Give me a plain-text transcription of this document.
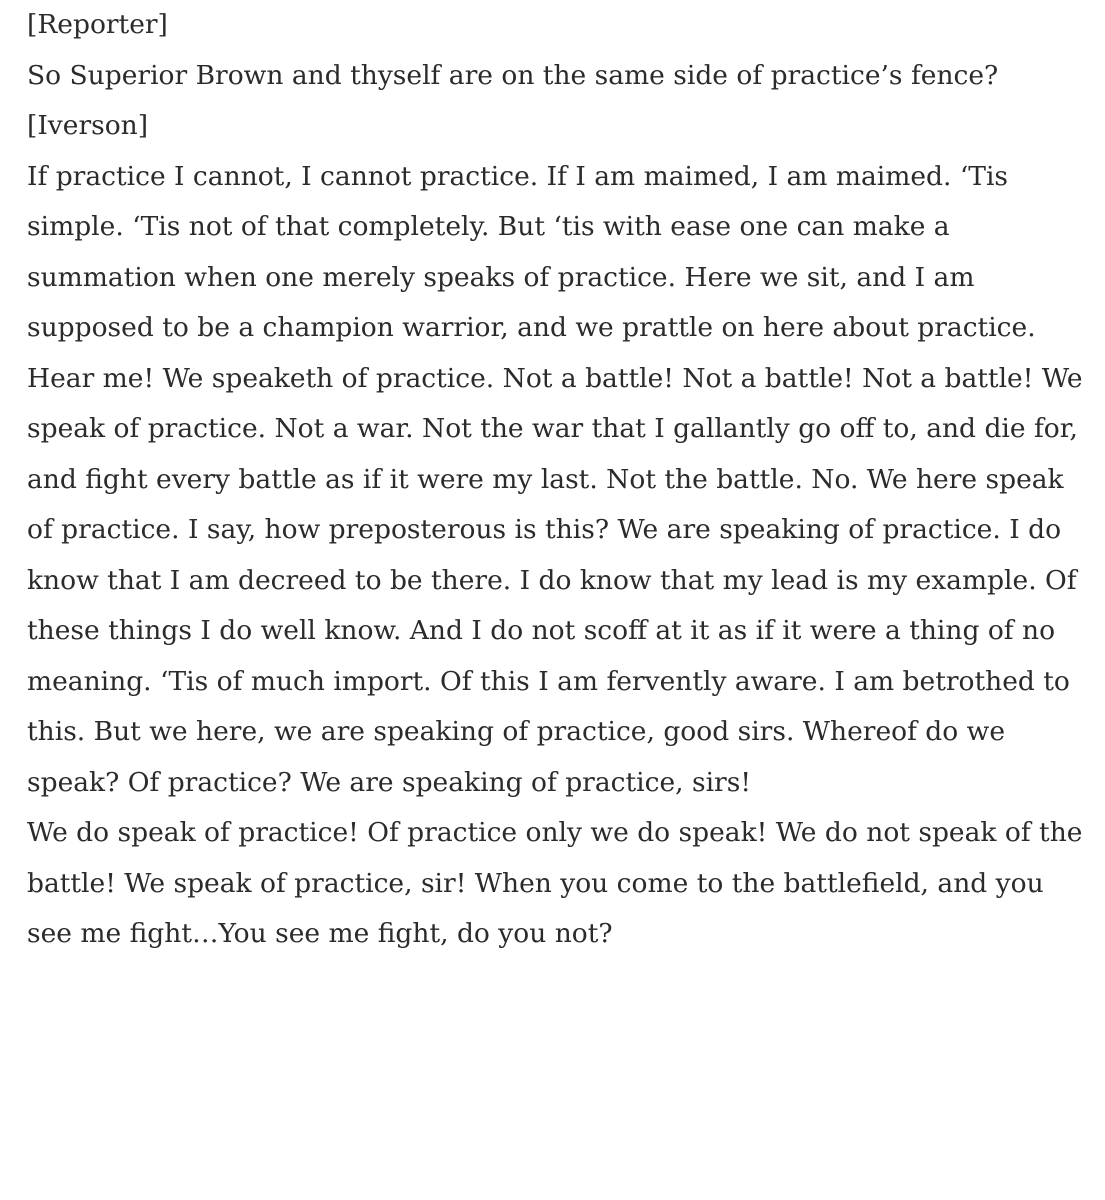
[Reporter]

So Superior Brown and thyself are on the same side of practice’s fence?

[Iverson]

If practice I cannot, I cannot practice. If I am maimed, I am maimed. ‘Tis simple. ‘Tis not of that completely. But ‘tis with ease one can make a summation when one merely speaks of practice. Here we sit, and I am supposed to be a champion warrior, and we prattle on here about practice. Hear me! We speaketh of practice. Not a battle! Not a battle! Not a battle! We speak of practice. Not a war. Not the war that I gallantly go off to, and die for, and fight every battle as if it were my last. Not the battle. No. We here speak of practice. I say, how preposterous is this? We are speaking of practice. I do know that I am decreed to be there. I do know that my lead is my example. Of these things I do well know. And I do not scoff at it as if it were a thing of no meaning. ‘Tis of much import. Of this I am fervently aware. I am betrothed to this. But we here, we are speaking of practice, good sirs. Whereof do we speak? Of practice? We are speaking of practice, sirs!

We do speak of practice! Of practice only we do speak! We do not speak of the battle! We speak of practice, sir! When you come to the battlefield, and you see me fight…You see me fight, do you not?
